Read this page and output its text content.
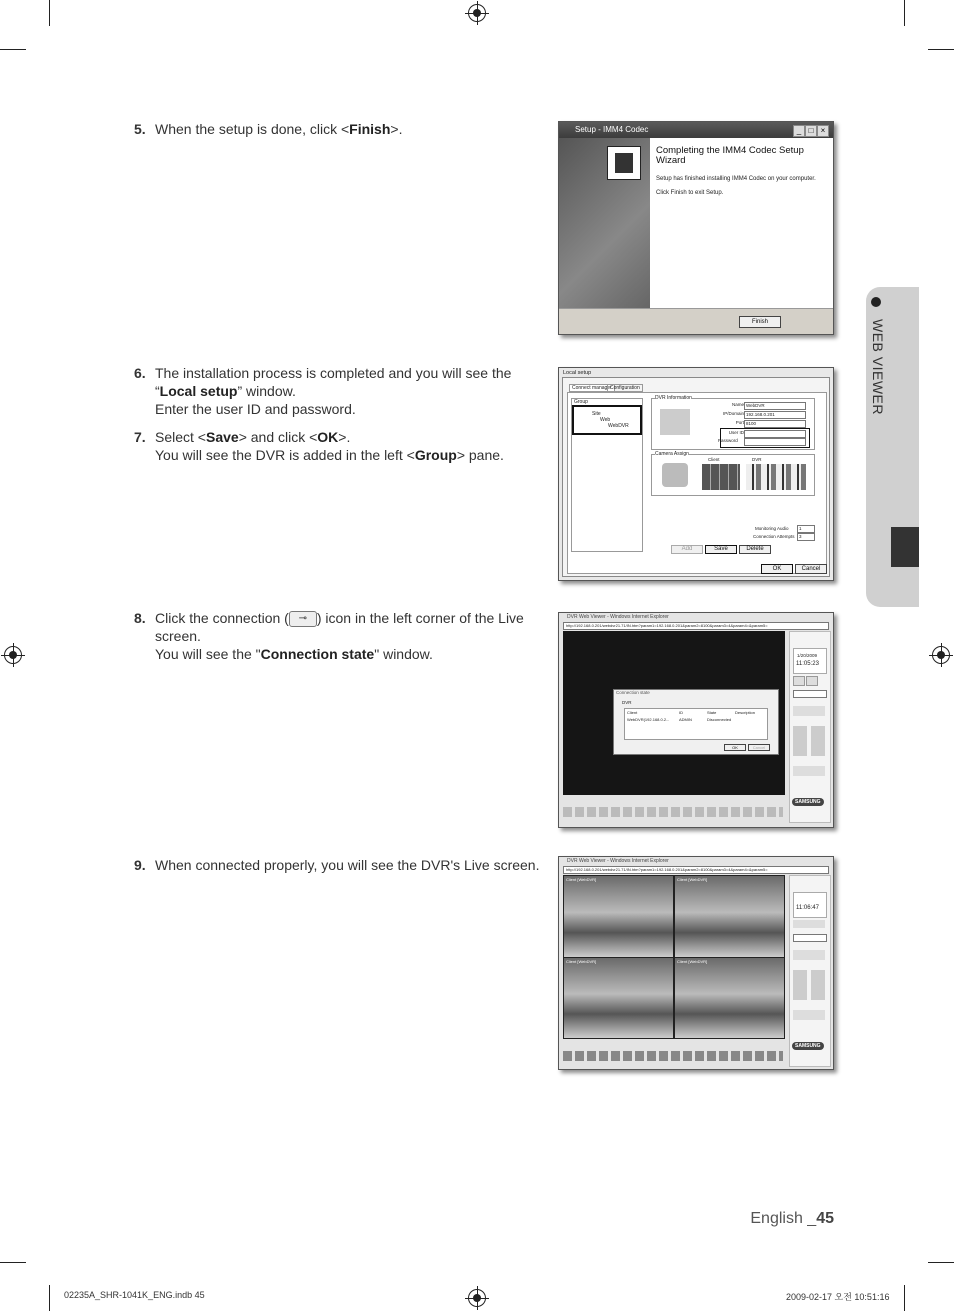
5. When the setup is done, click <Finish>.
6. The installation process is completed and you will see the
“Local setup” window.
Enter the user ID and password.
7. Select <Save> and click <OK>.
You will see the DVR is added in the left <Group> pane.
8. Click the connection ( ⊸ ) icon in the left corner of the Live
screen.
You will see the "Connection state" window.
9. When connected properly, you will see the DVR's Live screen.
Setup - IMM4 Codec	_ □ ×
Completing the IMM4 Codec Setup Wizard
Setup has finished installing IMM4 Codec on your computer.
Click Finish to exit Setup.
Finish
Local setup
Connect manager
Configuration
Group
Site
Web
WebDVR
DVR Information
Name WebDVR
IP/Domain 192.168.0.201
Port 8100
User ID
Password
Camera Assign
Client	DVR
Monitoring Audio 1
Connection Attempts 3
Add	Save	Delete
OK	Cancel
DVR Web Viewer - Windows Internet Explorer
http://192.168.0.201/webdvr21.71/IN.htm?param1=192.168.0.201&param2=8100&param3=4&param4=&param5=
Connection state
DVR
Client	ID	State	Description
WebDVR(192.168.0.2... ADMIN	Disconnected
OK	Cancel
1/20/2009
11:05:23
SAMSUNG
DVR Web Viewer - Windows Internet Explorer
http://192.168.0.201/webdvr21.71/IN.htm?param1=192.168.0.201&param2=8100&param3=4&param4=&param5=
Client [WebDVR]	Client [WebDVR]
Client [WebDVR]	Client [WebDVR]
11:06:47
SAMSUNG
WEB VIEWER
English _45
02235A_SHR-1041K_ENG.indb 45	2009-02-17 오전 10:51:16
